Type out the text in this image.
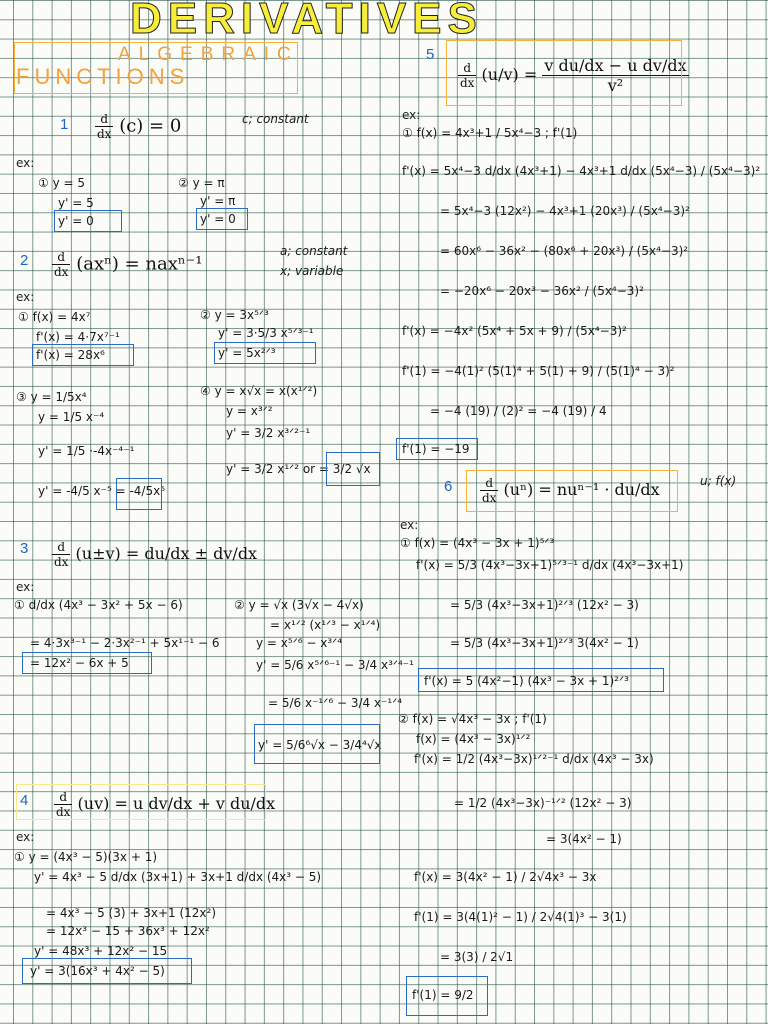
DERIVATIVES
ALGEBRAIC
FUNCTIONS
$1 \frac{d}{dx} (c) = 0$	c; constant
ex:
① y = 5
y' = 5
y' = 0
② y = π
y' = π
y' = 0
$2 \frac{d}{dx} (ax^n) = nax^{n-1}$
a; constant
x; variable
ex:
① f(x) = 4x⁷
f'(x) = 4·7x⁷⁻¹
f'(x) = 28x⁶
② y = 3x⁵ᐟ³
y' = 3·5/3 x⁵ᐟ³⁻¹
y' = 5x²ᐟ³
③ y = 1/5x⁴
y = 1/5 x⁻⁴
y' = 1/5 ·-4x⁻⁴⁻¹
y' = -4/5 x⁻⁵ = -4/5x⁵
④ y = x√x = x(x¹ᐟ²)
y = x³ᐟ²
y' = 3/2 x³ᐟ²⁻¹
y' = 3/2 x¹ᐟ² or = 3/2 √x
$3 \frac{d}{dx} (u\pm v) = du/dx \pm dv/dx$
ex:
① d/dx (4x³ − 3x² + 5x − 6)
= 4·3x³⁻¹ − 2·3x²⁻¹ + 5x¹⁻¹ − 6
= 12x² − 6x + 5
② y = √x (3√x − 4√x)
= x¹ᐟ² (x¹ᐟ³ − x¹ᐟ⁴)
y = x⁵ᐟ⁶ − x³ᐟ⁴
y' = 5/6 x⁵ᐟ⁶⁻¹ − 3/4 x³ᐟ⁴⁻¹
= 5/6 x⁻¹ᐟ⁶ − 3/4 x⁻¹ᐟ⁴
y' = 5/6⁶√x − 3/4⁴√x
$4 \frac{d}{dx} (uv) = u$ dv/dx + v du/dx
ex:
① y = (4x³ − 5)(3x + 1)
y' = 4x³ − 5 d/dx (3x+1) + 3x+1 d/dx (4x³ − 5)
= 4x³ − 5 (3) + 3x+1 (12x²)
= 12x³ − 15 + 36x³ + 12x²
y' = 48x³ + 12x² − 15
y' = 3(16x³ + 4x² − 5)
5
$\frac{d}{dx} (u/v) = \frac{\text{v du/dx − u dv/dx}}{\text{v²}}$
ex:
① f(x) = 4x³+1 / 5x⁴−3 ; f'(1)
f'(x) = 5x⁴−3 d/dx (4x³+1) − 4x³+1 d/dx (5x⁴−3) / (5x⁴−3)²
= 5x⁴−3 (12x²) − 4x³+1 (20x³) / (5x⁴−3)²
= 60x⁶ − 36x² − (80x⁶ + 20x³) / (5x⁴−3)²
= −20x⁶ − 20x³ − 36x² / (5x⁴−3)²
f'(x) = −4x² (5x⁴ + 5x + 9) / (5x⁴−3)²
f'(1) = −4(1)² (5(1)⁴ + 5(1) + 9) / (5(1)⁴ − 3)²
= −4 (19) / (2)² = −4 (19) / 4
f'(1) = −19
$6 \frac{d}{dx} (u^n) = nu^{n-1} \cdot du/dx$	u; f(x)
ex:
① f(x) = (4x³ − 3x + 1)⁵ᐟ³
f'(x) = 5/3 (4x³−3x+1)⁵ᐟ³⁻¹ d/dx (4x³−3x+1)
= 5/3 (4x³−3x+1)²ᐟ³ (12x² − 3)
= 5/3 (4x³−3x+1)²ᐟ³ 3(4x² − 1)
f'(x) = 5 (4x²−1) (4x³ − 3x + 1)²ᐟ³
② f(x) = √4x³ − 3x ; f'(1)
f(x) = (4x³ − 3x)¹ᐟ²
f'(x) = 1/2 (4x³−3x)¹ᐟ²⁻¹ d/dx (4x³ − 3x)
= 1/2 (4x³−3x)⁻¹ᐟ² (12x² − 3)
= 3(4x² − 1)
f'(x) = 3(4x² − 1) / 2√4x³ − 3x
f'(1) = 3(4(1)² − 1) / 2√4(1)³ − 3(1)
= 3(3) / 2√1
f'(1) = 9/2
